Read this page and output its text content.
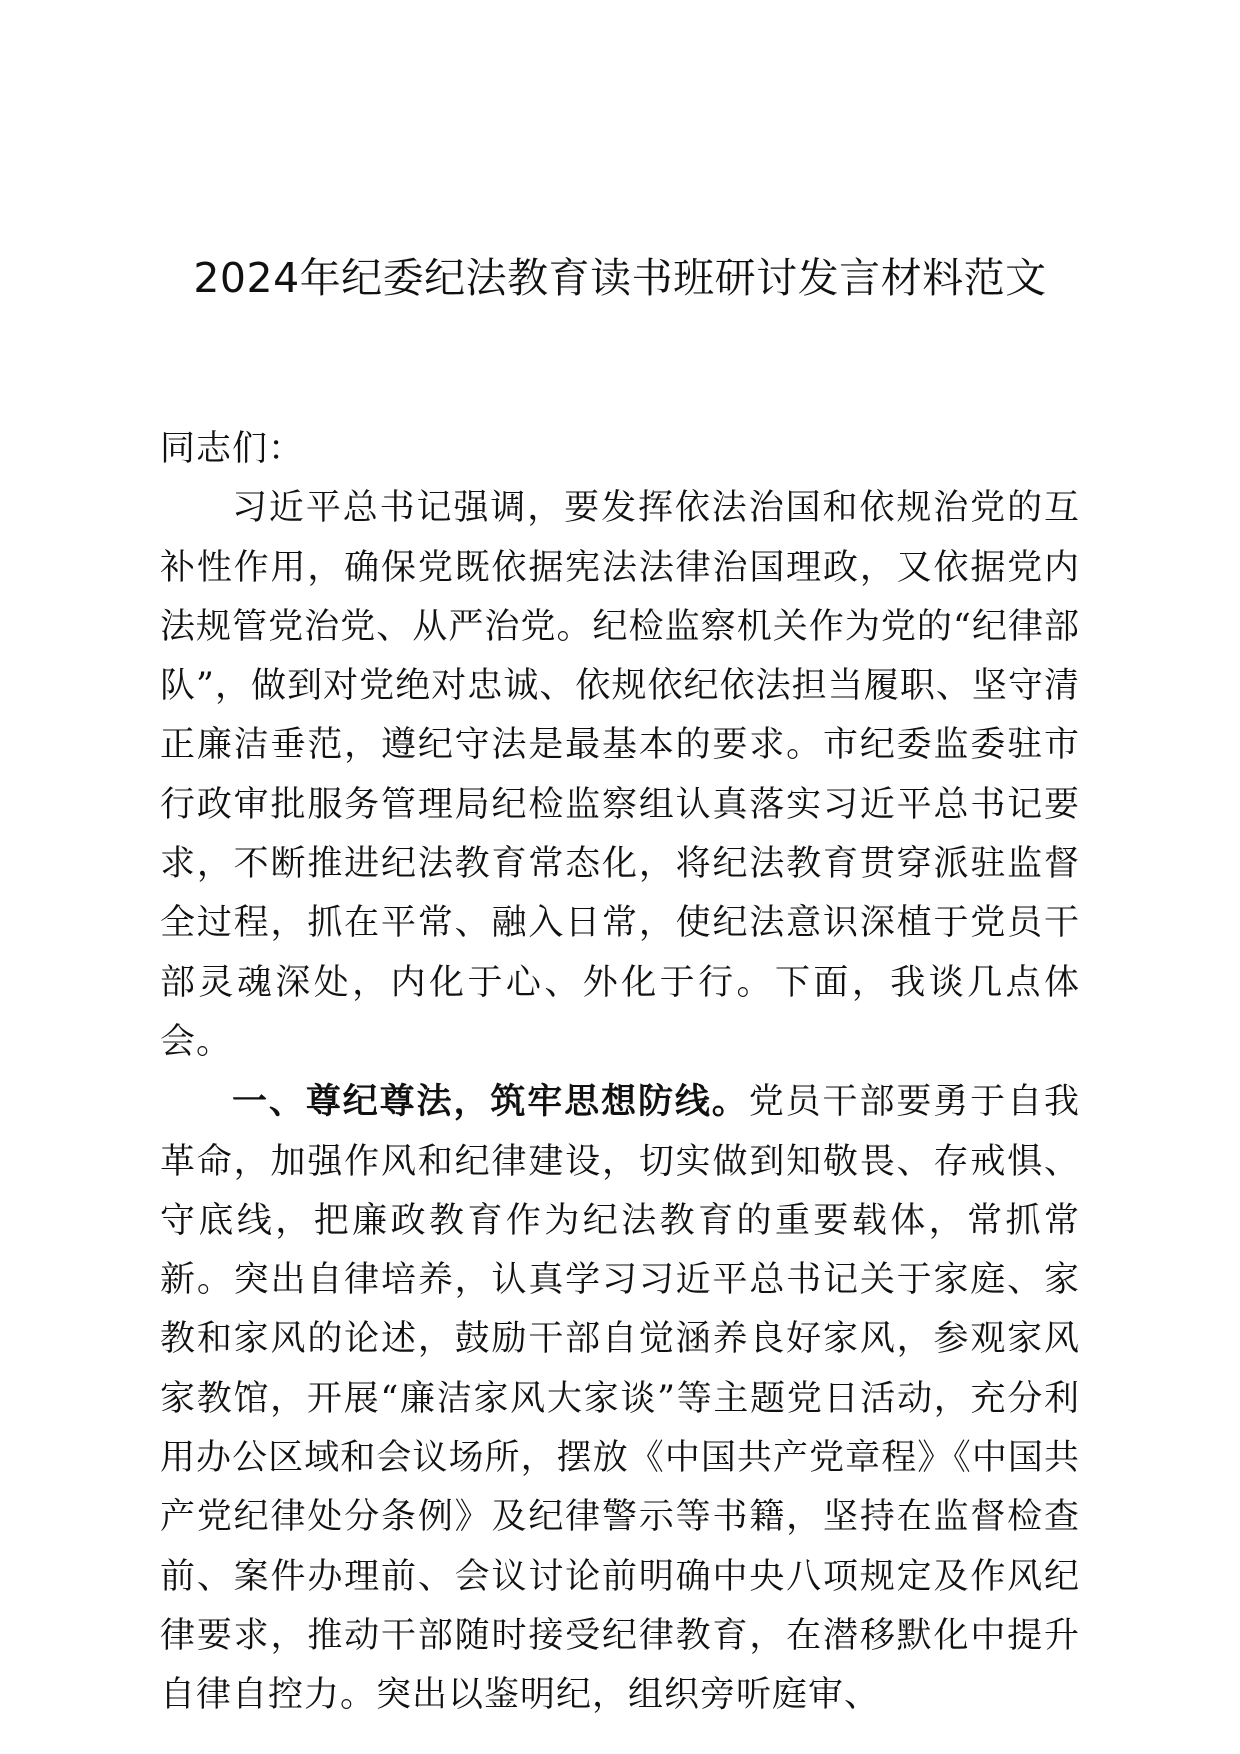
2024年纪委纪法教育读书班研讨发言材料范文

同志们：

习近平总书记强调，要发挥依法治国和依规治党的互补性作用，确保党既依据宪法法律治国理政，又依据党内法规管党治党、从严治党。纪检监察机关作为党的“纪律部队”，做到对党绝对忠诚、依规依纪依法担当履职、坚守清正廉洁垂范，遵纪守法是最基本的要求。市纪委监委驻市行政审批服务管理局纪检监察组认真落实习近平总书记要求，不断推进纪法教育常态化，将纪法教育贯穿派驻监督全过程，抓在平常、融入日常，使纪法意识深植于党员干部灵魂深处，内化于心、外化于行。下面，我谈几点体会。

一、尊纪尊法，筑牢思想防线。党员干部要勇于自我革命，加强作风和纪律建设，切实做到知敬畏、存戒惧、守底线，把廉政教育作为纪法教育的重要载体，常抓常新。突出自律培养，认真学习习近平总书记关于家庭、家教和家风的论述，鼓励干部自觉涵养良好家风，参观家风家教馆，开展“廉洁家风大家谈”等主题党日活动，充分利用办公区域和会议场所，摆放《中国共产党章程》《中国共产党纪律处分条例》及纪律警示等书籍，坚持在监督检查前、案件办理前、会议讨论前明确中央八项规定及作风纪律要求，推动干部随时接受纪律教育，在潜移默化中提升自律自控力。突出以鉴明纪，组织旁听庭审、
